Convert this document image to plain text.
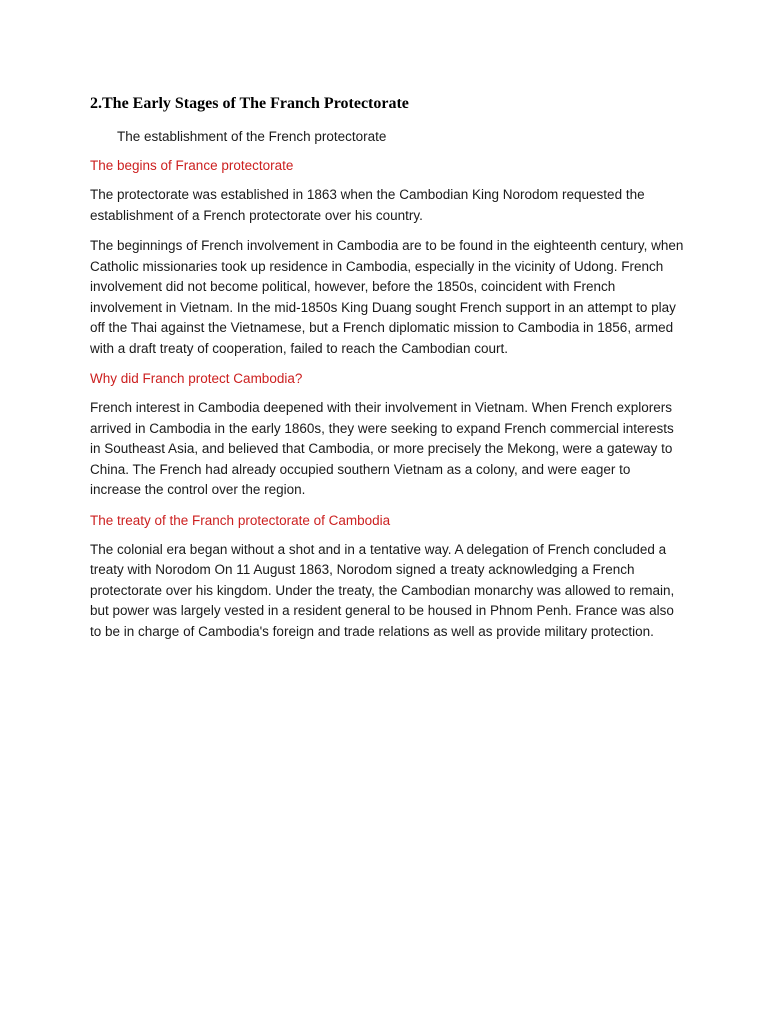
2.The Early Stages of The Franch Protectorate

The establishment of the French protectorate

The begins of France protectorate

The protectorate was established in 1863 when the Cambodian King Norodom requested the establishment of a French protectorate over his country.

The beginnings of French involvement in Cambodia are to be found in the eighteenth century, when Catholic missionaries took up residence in Cambodia, especially in the vicinity of Udong. French involvement did not become political, however, before the 1850s, coincident with French involvement in Vietnam. In the mid-1850s King Duang sought French support in an attempt to play off the Thai against the Vietnamese, but a French diplomatic mission to Cambodia in 1856, armed with a draft treaty of cooperation, failed to reach the Cambodian court.

Why did Franch protect Cambodia?

French interest in Cambodia deepened with their involvement in Vietnam. When French explorers arrived in Cambodia in the early 1860s, they were seeking to expand French commercial interests in Southeast Asia, and believed that Cambodia, or more precisely the Mekong, were a gateway to China. The French had already occupied southern Vietnam as a colony, and were eager to increase the control over the region.

The treaty of the Franch protectorate of Cambodia

The colonial era began without a shot and in a tentative way. A delegation of French concluded a treaty with Norodom On 11 August 1863, Norodom signed a treaty acknowledging a French protectorate over his kingdom. Under the treaty, the Cambodian monarchy was allowed to remain, but power was largely vested in a resident general to be housed in Phnom Penh. France was also to be in charge of Cambodia's foreign and trade relations as well as provide military protection.
